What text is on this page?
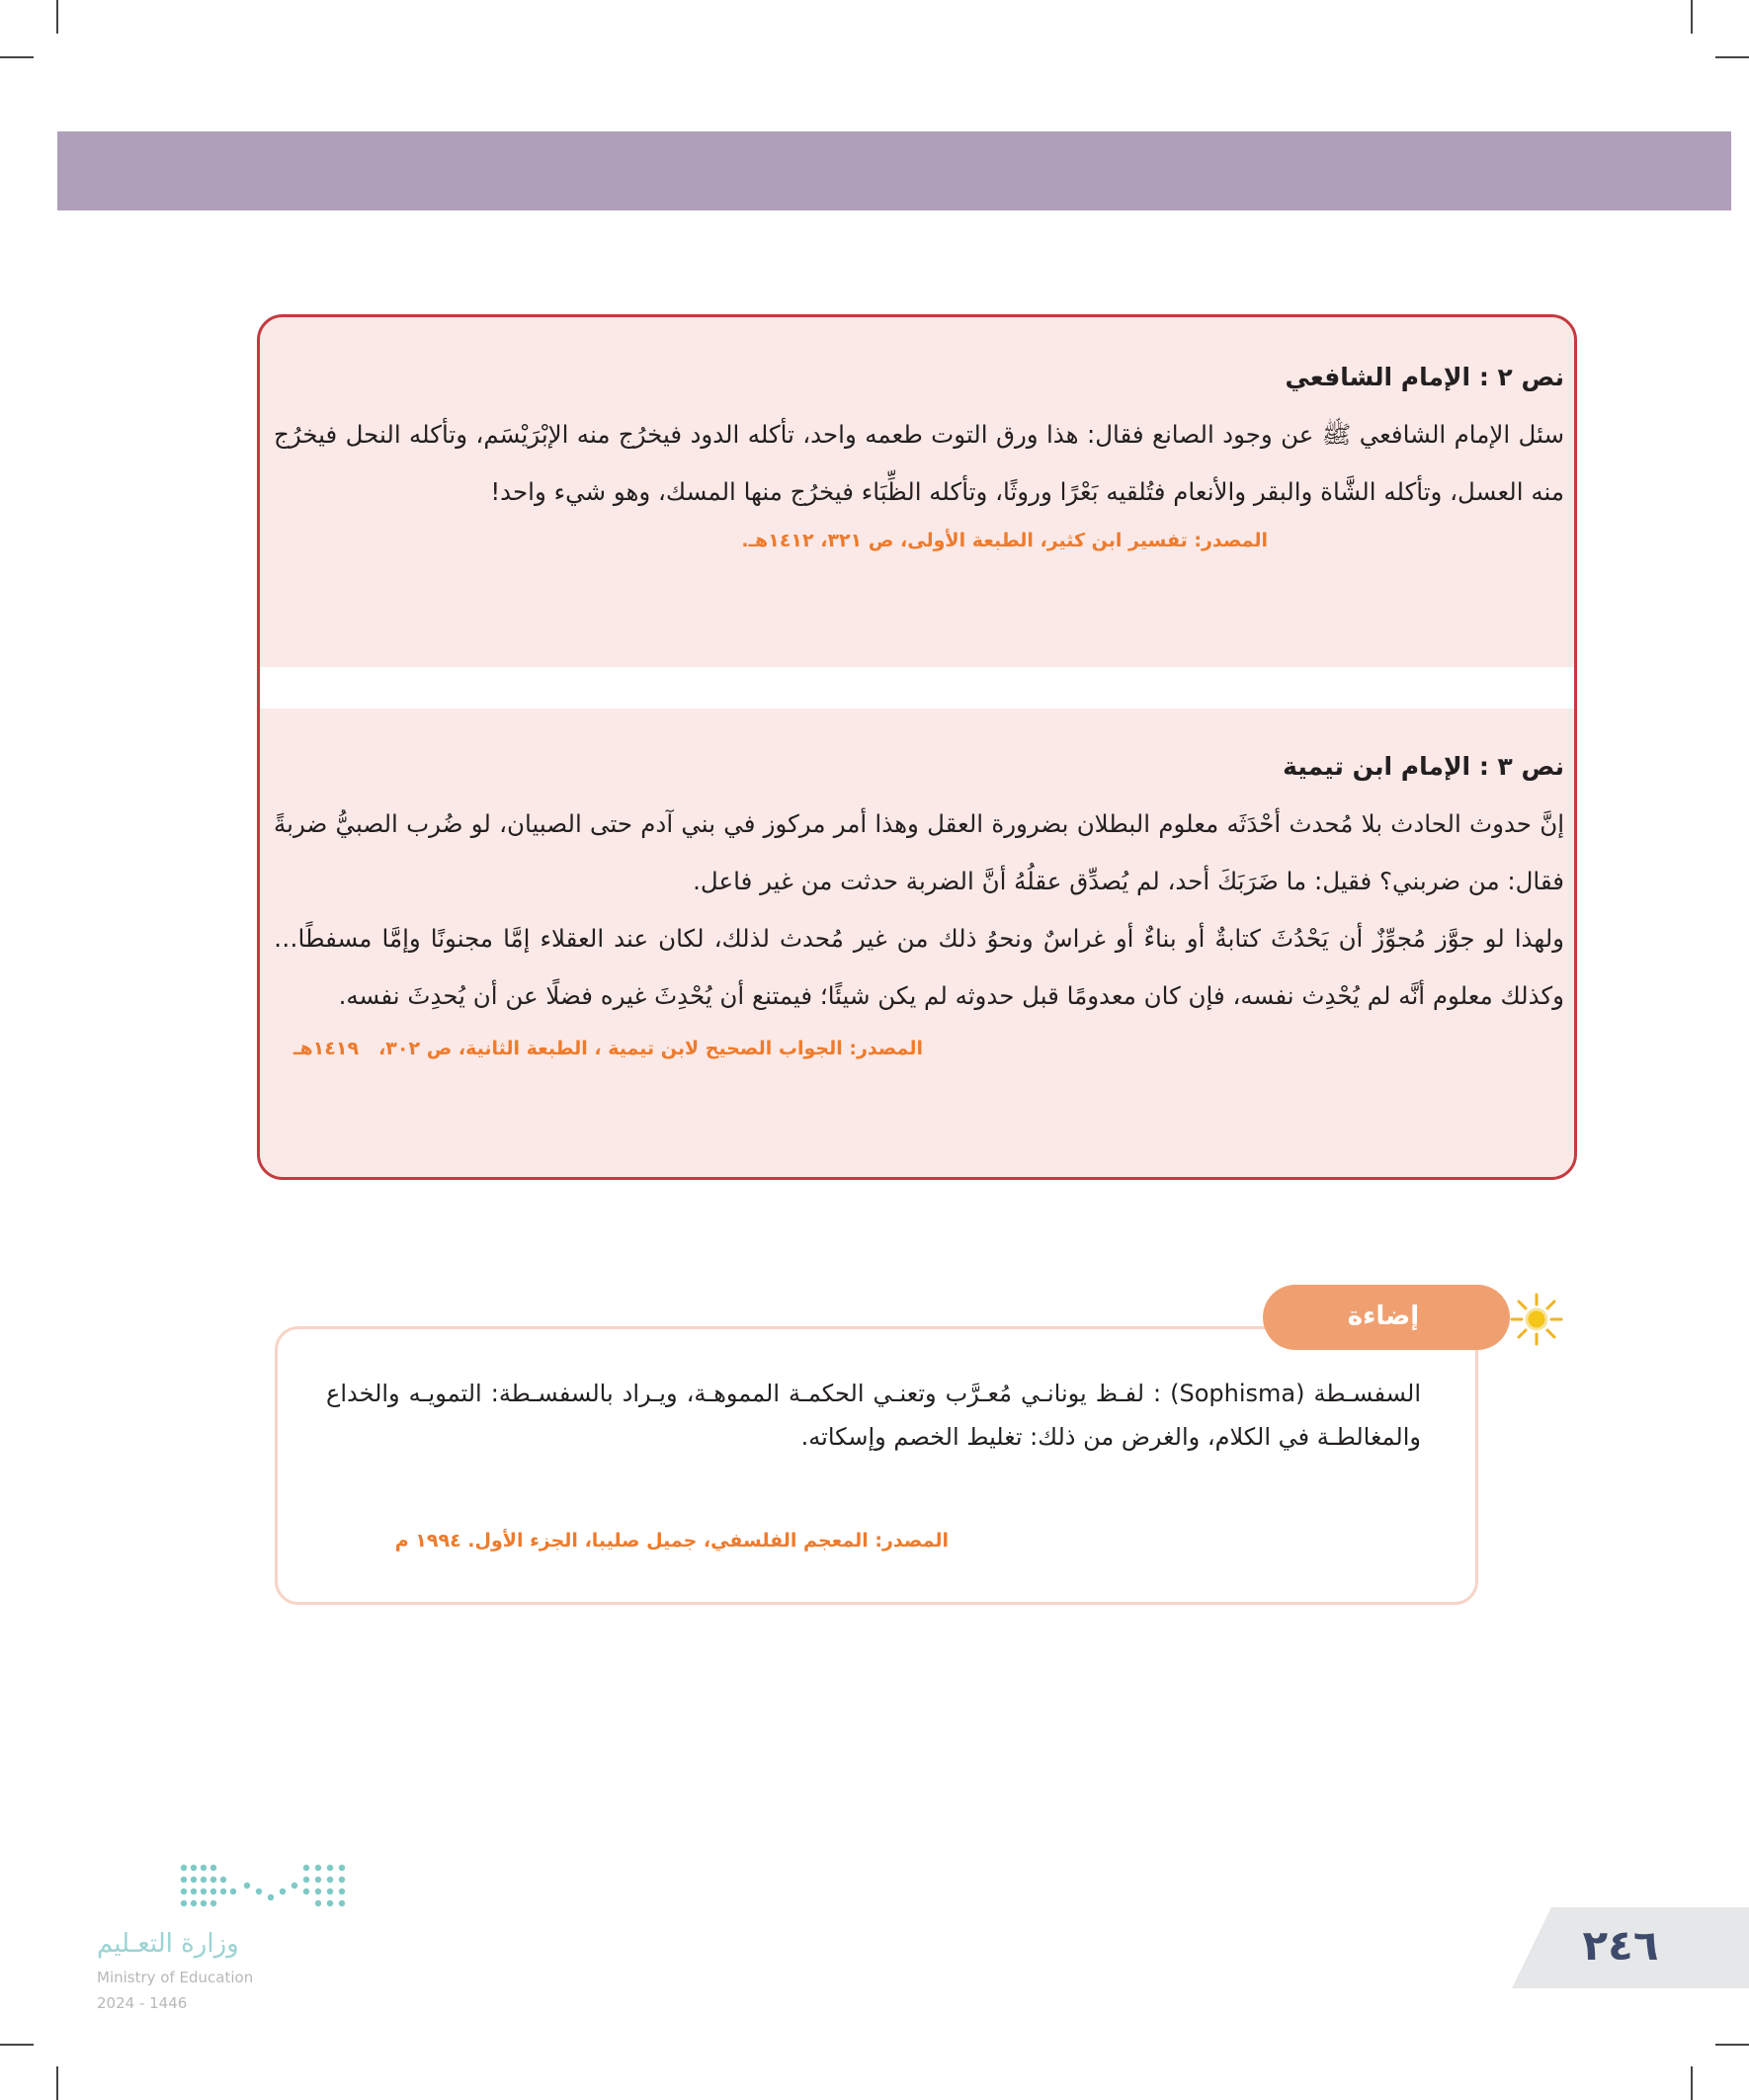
نص ٢ : الإمام الشافعي

سئل الإمام الشافعي ﷺ عن وجود الصانع فقال: هذا ورق التوت طعمه واحد، تأكله الدود فيخرُج منه الإبْرَيْسَم، وتأكله النحل فيخرُج منه العسل، وتأكله الشَّاة والبقر والأنعام فتُلقيه بَعْرًا وروثًا، وتأكله الظِّبَاء فيخرُج منها المسك، وهو شيء واحد!

المصدر: تفسير ابن كثير، الطبعة الأولى، ص ٣٢١، ١٤١٢هـ.
نص ٣ : الإمام ابن تيمية

إنَّ حدوث الحادث بلا مُحدث أحْدَثَه معلوم البطلان بضرورة العقل وهذا أمر مركوز في بني آدم حتى الصبيان، لو ضُرب الصبيُّ ضربةً فقال: من ضربني؟ فقيل: ما ضَرَبَكَ أحد، لم يُصدِّق عقلُهُ أنَّ الضربة حدثت من غير فاعل.

ولهذا لو جوَّز مُجوِّزٌ أن يَحْدُثَ كتابةٌ أو بناءٌ أو غراسٌ ونحوُ ذلك من غير مُحدث لذلك، لكان عند العقلاء إمَّا مجنونًا وإمَّا مسفطًا… وكذلك معلوم أنَّه لم يُحْدِث نفسه، فإن كان معدومًا قبل حدوثه لم يكن شيئًا؛ فيمتنع أن يُحْدِثَ غيره فضلًا عن أن يُحدِثَ نفسه.

المصدر: الجواب الصحيح لابن تيمية ، الطبعة الثانية، ص ٣٠٢،١٤١٩هـ
إضاءة
السفسـطة (Sophisma) : لفـظ يونانـي مُعـرَّب وتعنـي الحكمـة المموهـة، ويـراد بالسفسـطة: التمويـه والخداع والمغالطـة في الكلام، والغرض من ذلك: تغليط الخصم وإسكاته.
المصدر: المعجم الفلسفي، جميل صليبا، الجزء الأول. ١٩٩٤ م
وزارة التعـليم
Ministry of Education
2024 - 1446
٢٤٦
